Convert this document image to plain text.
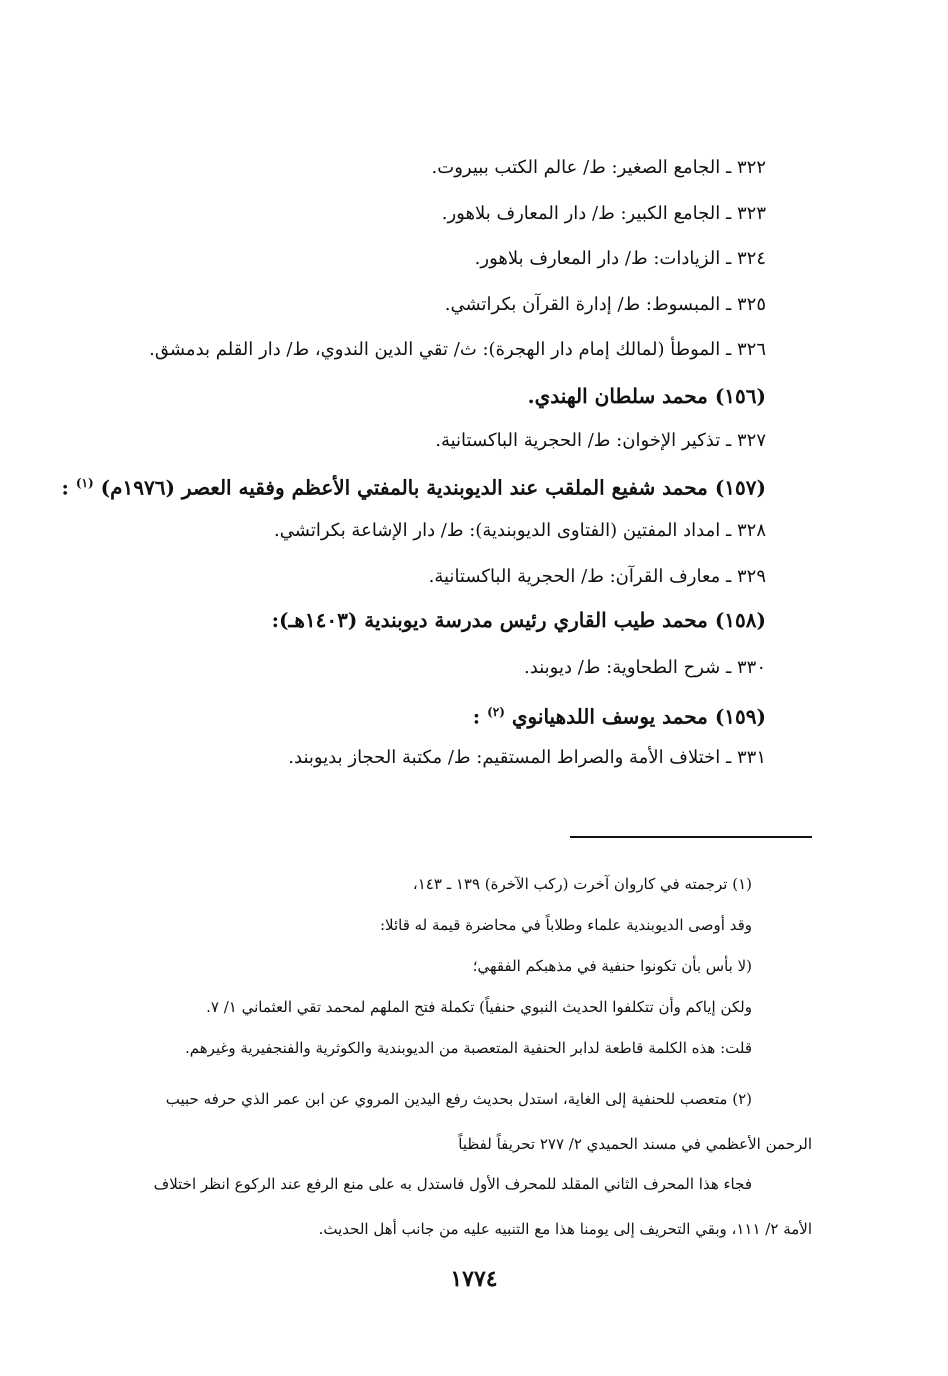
٣٢٢ ـ الجامع الصغير: ط/ عالم الكتب ببيروت.
٣٢٣ ـ الجامع الكبير: ط/ دار المعارف بلاهور.
٣٢٤ ـ الزيادات: ط/ دار المعارف بلاهور.
٣٢٥ ـ المبسوط: ط/ إدارة القرآن بكراتشي.
٣٢٦ ـ الموطأ (لمالك إمام دار الهجرة): ث/ تقي الدين الندوي، ط/ دار القلم بدمشق.
(١٥٦) محمد سلطان الهندي.
٣٢٧ ـ تذكير الإخوان: ط/ الحجرية الباكستانية.
(١٥٧) محمد شفيع الملقب عند الديوبندية بالمفتي الأعظم وفقيه العصر (١٩٧٦م) $^{(١)}$ :
٣٢٨ ـ امداد المفتين (الفتاوى الديوبندية): ط/ دار الإشاعة بكراتشي.
٣٢٩ ـ معارف القرآن: ط/ الحجرية الباكستانية.
(١٥٨) محمد طيب القاري رئيس مدرسة ديوبندية (١٤٠٣هـ):
٣٣٠ ـ شرح الطحاوية: ط/ ديوبند.
(١٥٩) محمد يوسف اللدهيانوي $^{(٢)}$ :
٣٣١ ـ اختلاف الأمة والصراط المستقيم: ط/ مكتبة الحجاز بديوبند.
(١) ترجمته في كاروان آخرت (ركب الآخرة) ١٣٩ ـ ١٤٣،
وقد أوصى الديوبندية علماء وطلاباً في محاضرة قيمة له قائلا:
(لا بأس بأن تكونوا حنفية في مذهبكم الفقهي؛
ولكن إياكم وأن تتكلفوا الحديث النبوي حنفياً) تكملة فتح الملهم لمحمد تقي العثماني ١/ ٧.
قلت: هذه الكلمة قاطعة لدابر الحنفية المتعصبة من الديوبندية والكوثرية والفنجفيرية وغيرهم.
(٢) متعصب للحنفية إلى الغاية، استدل بحديث رفع اليدين المروي عن ابن عمر الذي حرفه حبيب
الرحمن الأعظمي في مسند الحميدي ٢/ ٢٧٧ تحريفاً لفظياً
فجاء هذا المحرف الثاني المقلد للمحرف الأول فاستدل به على منع الرفع عند الركوع انظر اختلاف
الأمة ٢/ ١١١، وبقي التحريف إلى يومنا هذا مع التنبيه عليه من جانب أهل الحديث.
١٧٧٤
